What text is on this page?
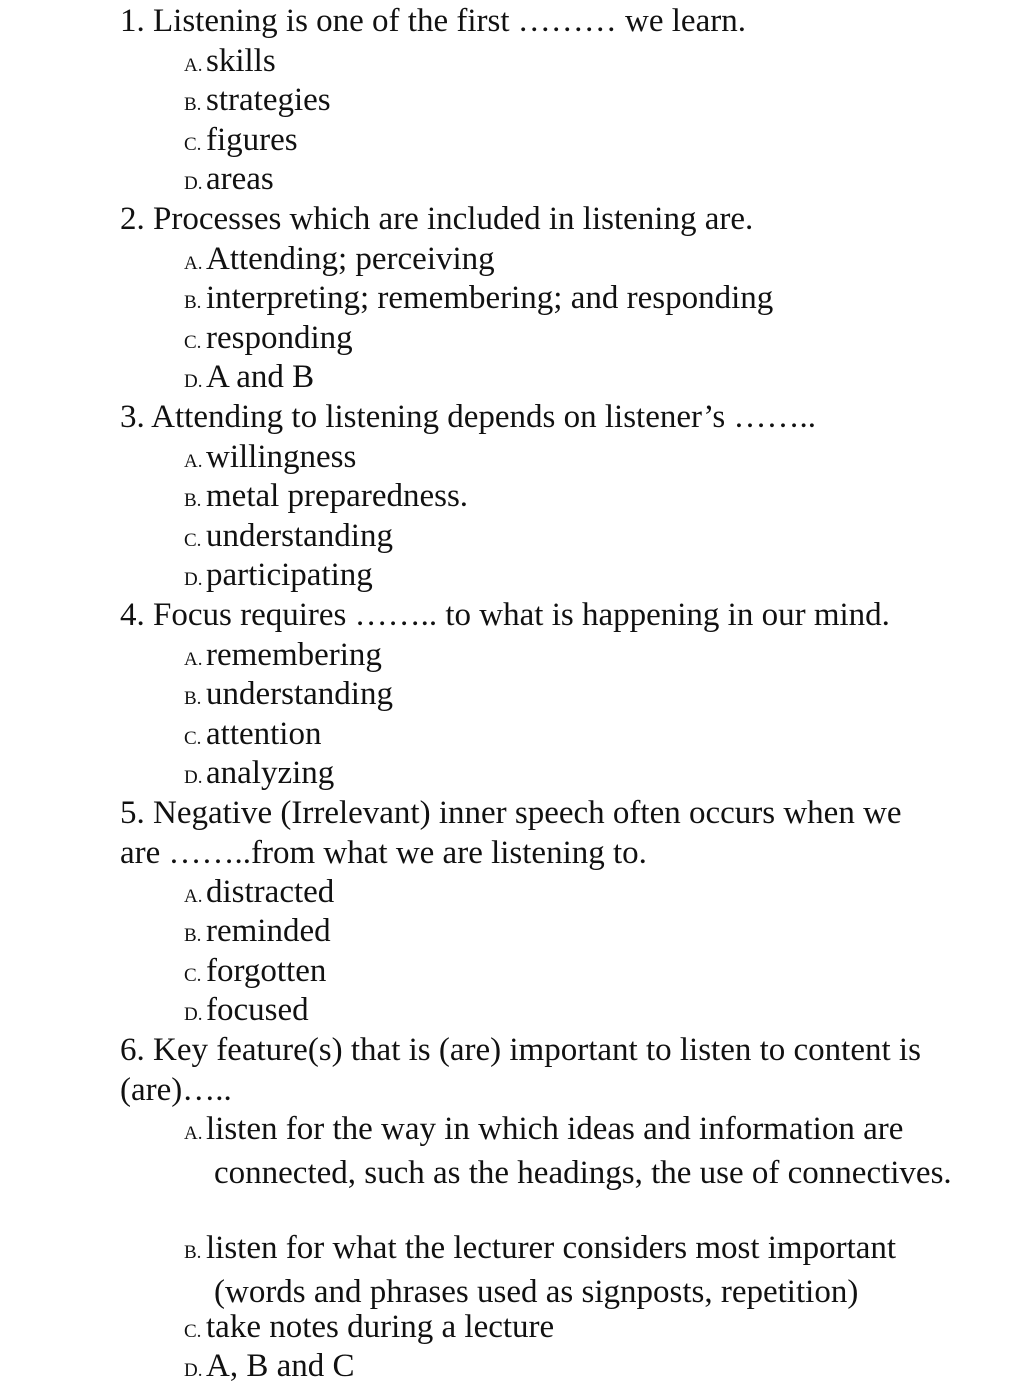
1. Listening is one of the first ……… we learn.

A. skills

B. strategies

C. figures

D. areas

2. Processes which are included in listening are.

A. Attending; perceiving

B. interpreting; remembering; and responding

C. responding

D. A and B

3. Attending to listening depends on listener’s ……..

A. willingness

B. metal preparedness.

C. understanding

D. participating

4. Focus requires …….. to what is happening in our mind.

A. remembering

B. understanding

C. attention

D. analyzing

5. Negative (Irrelevant) inner speech often occurs when we are ……..from what we are listening to.

A. distracted

B. reminded

C. forgotten

D. focused

6. Key feature(s) that is (are) important to listen to content is (are)…..

A. listen for the way in which ideas and information are connected, such as the headings, the use of connectives.

B. listen for what the lecturer considers most important (words and phrases used as signposts, repetition)

C. take notes during a lecture

D. A, B and C
